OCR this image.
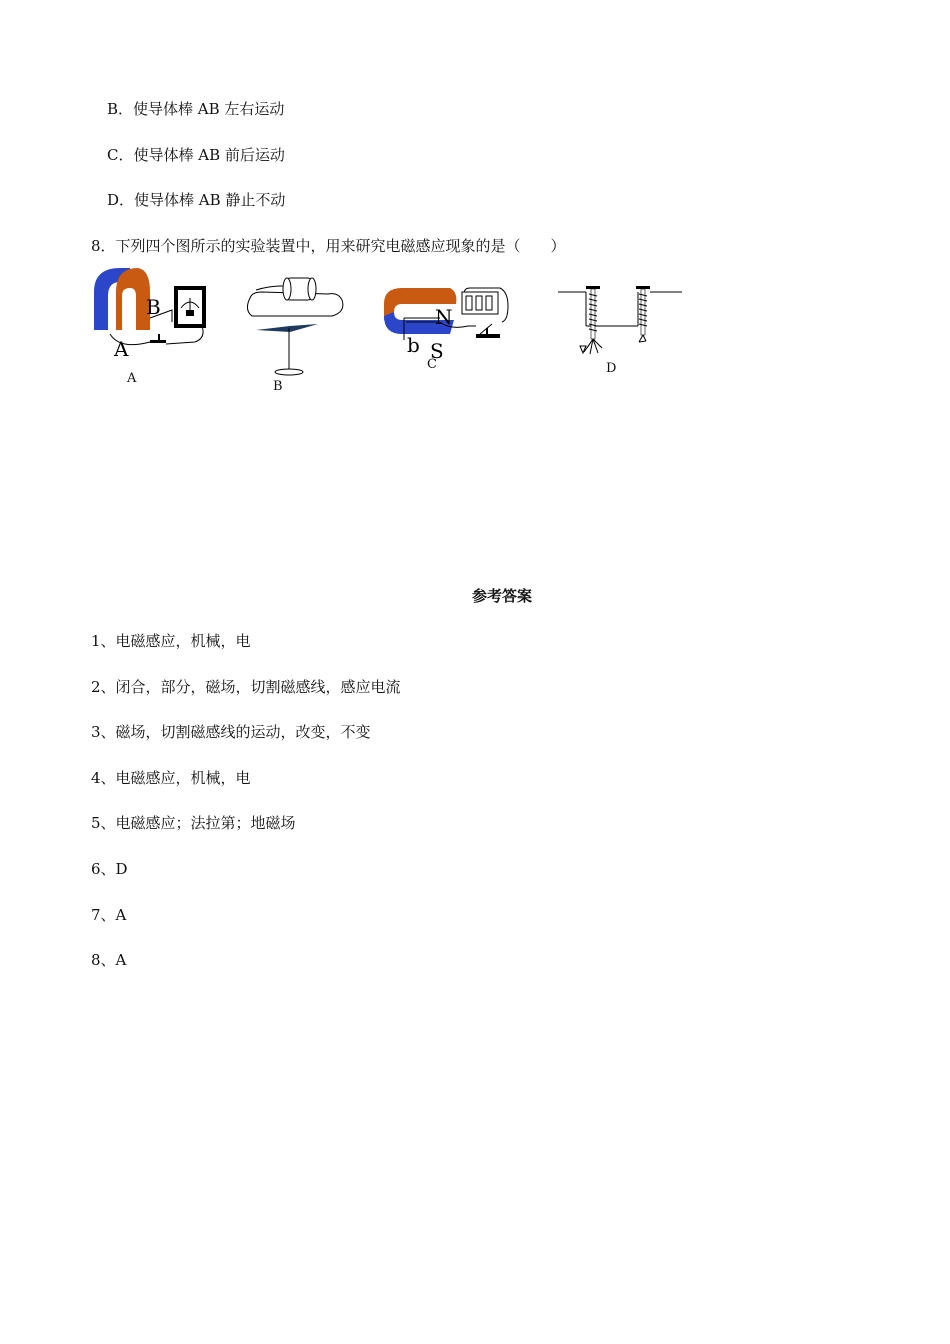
B．使导体棒 AB 左右运动
C．使导体棒 AB 前后运动
D．使导体棒 AB 静止不动
8．下列四个图所示的实验装置中，用来研究电磁感应现象的是（　　）
B
A
A
B
N
b S
C	D
参考答案
1、电磁感应，机械，电
2、闭合，部分，磁场，切割磁感线，感应电流
3、磁场，切割磁感线的运动，改变，不变
4、电磁感应，机械，电
5、电磁感应；法拉第；地磁场
6、D
7、A
8、A
